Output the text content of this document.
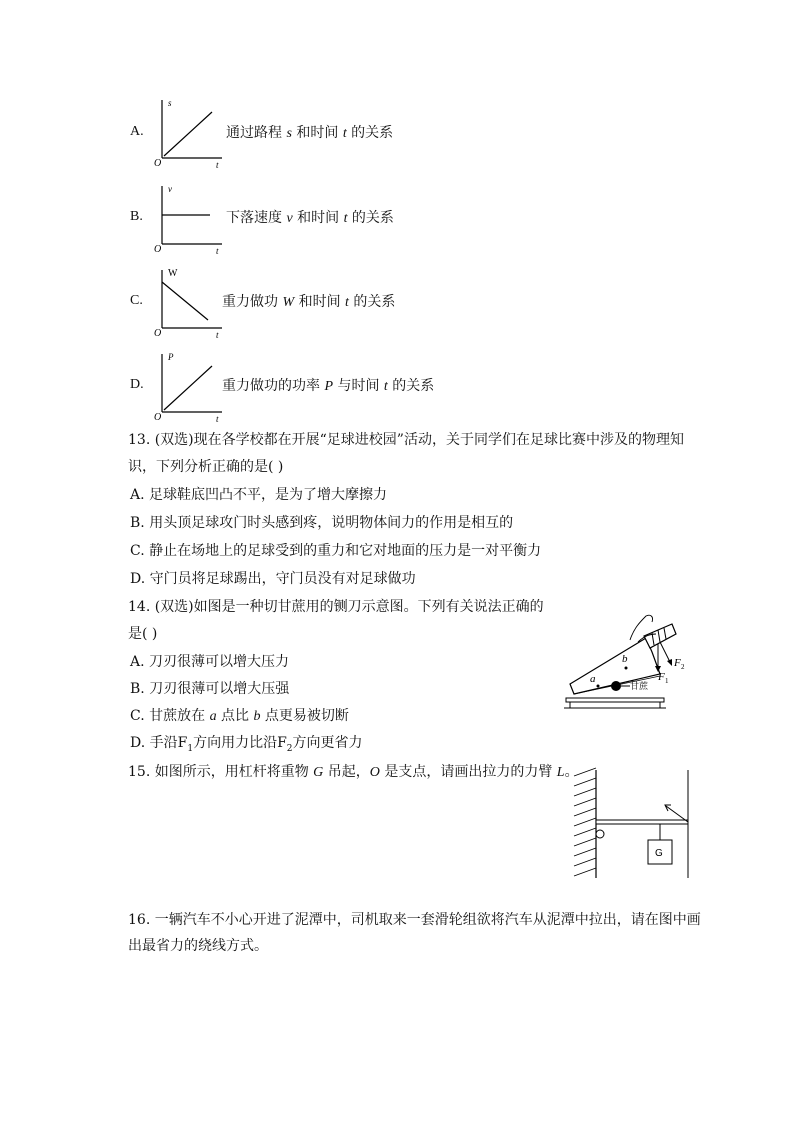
A.
s
O	t
通过路程 s 和时间 t 的关系
B.
v
O	t
下落速度 v 和时间 t 的关系
C.
W
O	t
重力做功 W 和时间 t 的关系
D.
P
O	t
重力做功的功率 P 与时间 t 的关系
13. (双选)现在各学校都在开展“足球进校园”活动，关于同学们在足球比赛中涉及的物理知
识，下列分析正确的是( )
A. 足球鞋底凹凸不平，是为了增大摩擦力
B. 用头顶足球攻门时头感到疼，说明物体间力的作用是相互的
C. 静止在场地上的足球受到的重力和它对地面的压力是一对平衡力
D. 守门员将足球踢出，守门员没有对足球做功
14. (双选)如图是一种切甘蔗用的铡刀示意图。下列有关说法正确的
是( )
A. 刀刃很薄可以增大压力
B. 刀刃很薄可以增大压强
C. 甘蔗放在 a 点比 b 点更易被切断
D. 手沿$F_1$方向用力比沿$F_2$方向更省力
甘蔗
a
b
F 1
F 2
15. 如图所示，用杠杆将重物 G 吊起，O 是支点，请画出拉力的力臂 L。
G
16. 一辆汽车不小心开进了泥潭中，司机取来一套滑轮组欲将汽车从泥潭中拉出，请在图中画
出最省力的绕线方式。
